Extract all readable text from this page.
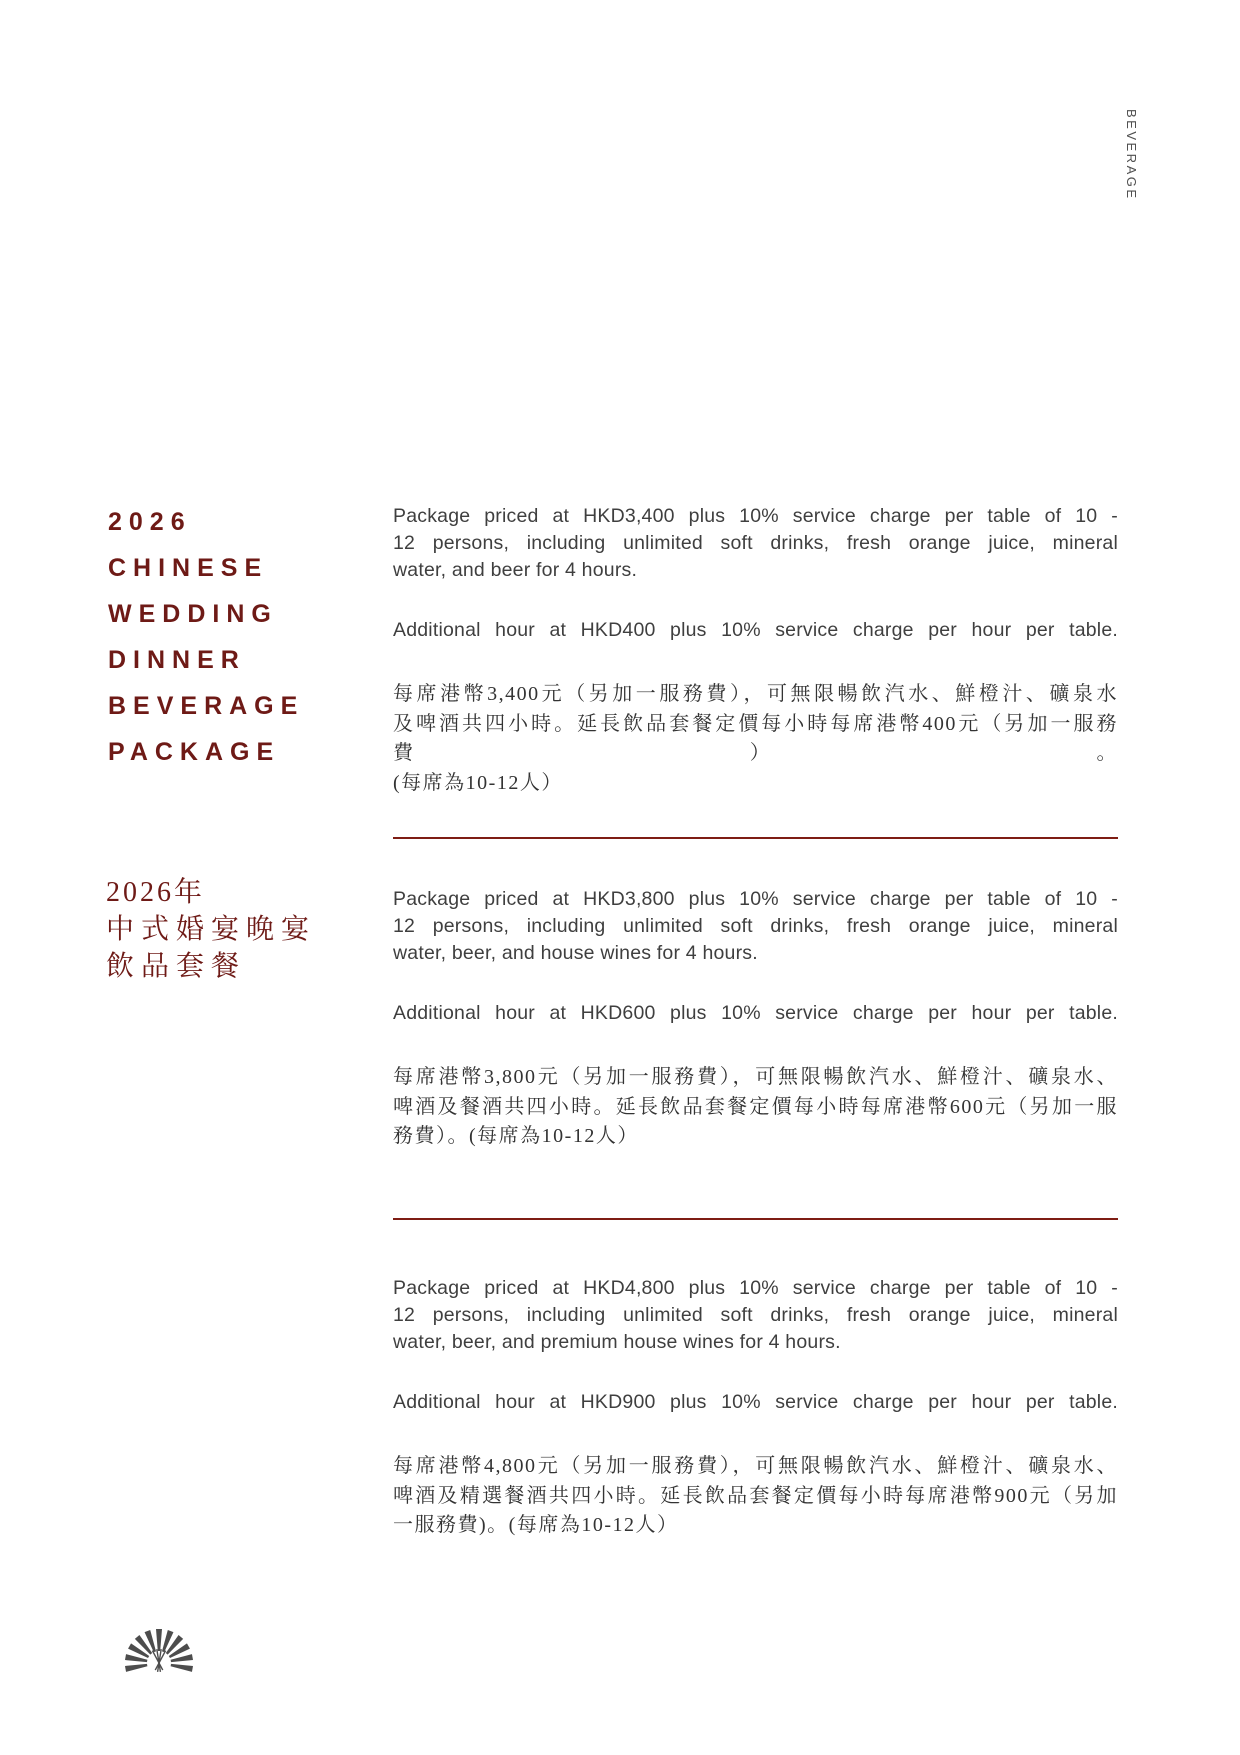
BEVERAGE
2026
CHINESE
WEDDING
DINNER
BEVERAGE
PACKAGE
2026年
中式婚宴晚宴
飲品套餐
Package priced at HKD3,400 plus 10% service charge per table of 10 -
12 persons, including unlimited soft drinks, fresh orange juice, mineral
water, and beer for 4 hours.
Additional hour at HKD400 plus 10% service charge per hour per table.
每席港幣3,400元（另加一服務費），可無限暢飲汽水、鮮橙汁、礦泉水
及啤酒共四小時。延長飲品套餐定價每小時每席港幣400元（另加一服務費）。
(每席為10-12人）
Package priced at HKD3,800 plus 10% service charge per table of 10 -
12 persons, including unlimited soft drinks, fresh orange juice, mineral
water, beer, and house wines for 4 hours.
Additional hour at HKD600 plus 10% service charge per hour per table.
每席港幣3,800元（另加一服務費），可無限暢飲汽水、鮮橙汁、礦泉水、
啤酒及餐酒共四小時。延長飲品套餐定價每小時每席港幣600元（另加一服
務費）。(每席為10-12人）
Package priced at HKD4,800 plus 10% service charge per table of 10 -
12 persons, including unlimited soft drinks, fresh orange juice, mineral
water, beer, and premium house wines for 4 hours.
Additional hour at HKD900 plus 10% service charge per hour per table.
每席港幣4,800元（另加一服務費），可無限暢飲汽水、鮮橙汁、礦泉水、
啤酒及精選餐酒共四小時。延長飲品套餐定價每小時每席港幣900元（另加
一服務費)。(每席為10-12人）
